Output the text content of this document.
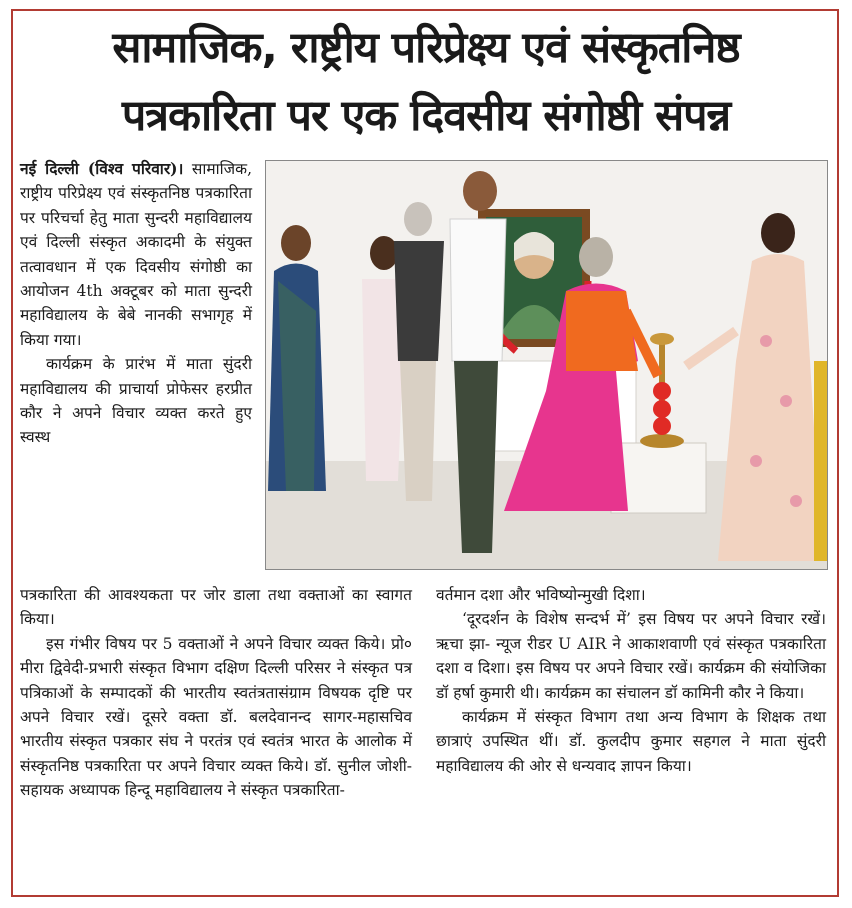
सामाजिक, राष्ट्रीय परिप्रेक्ष्य एवं संस्कृतनिष्ठ
पत्रकारिता पर एक दिवसीय संगोष्ठी संपन्न

नई दिल्ली (विश्व परिवार)। सामाजिक, राष्ट्रीय परिप्रेक्ष्य एवं संस्कृतनिष्ठ पत्रकारिता पर परिचर्चा हेतु माता सुन्दरी महाविद्यालय एवं दिल्ली संस्कृत अकादमी के संयुक्त तत्वावधान में एक दिवसीय संगोष्ठी का आयोजन 4th अक्टूबर को माता सुन्दरी महाविद्यालय के बेबे नानकी सभागृह में किया गया।

कार्यक्रम के प्रारंभ में माता सुंदरी महाविद्यालय की प्राचार्या प्रोफेसर हरप्रीत कौर ने अपने विचार व्यक्त करते हुए स्वस्थ

पत्रकारिता की आवश्यकता पर जोर डाला तथा वक्ताओं का स्वागत किया।

इस गंभीर विषय पर 5 वक्ताओं ने अपने विचार व्यक्त किये। प्रो० मीरा द्विवेदी-प्रभारी संस्कृत विभाग दक्षिण दिल्ली परिसर ने संस्कृत पत्र पत्रिकाओं के सम्पादकों की भारतीय स्वतंत्रतासंग्राम विषयक दृष्टि पर अपने विचार रखें। दूसरे वक्ता डॉ. बलदेवानन्द सागर-महासचिव भारतीय संस्कृत पत्रकार संघ ने परतंत्र एवं स्वतंत्र भारत के आलोक में संस्कृतनिष्ठ पत्रकारिता पर अपने विचार व्यक्त किये। डॉ. सुनील जोशी-सहायक अध्यापक हिन्दू महाविद्यालय ने संस्कृत पत्रकारिता-

वर्तमान दशा और भविष्योन्मुखी दिशा।

‘दूरदर्शन के विशेष सन्दर्भ में’ इस विषय पर अपने विचार रखें। ऋचा झा- न्यूज रीडर U AIR ने आकाशवाणी एवं संस्कृत पत्रकारिता दशा व दिशा। इस विषय पर अपने विचार रखें। कार्यक्रम की संयोजिका डॉ हर्षा कुमारी थी। कार्यक्रम का संचालन डॉ कामिनी कौर ने किया।

कार्यक्रम में संस्कृत विभाग तथा अन्य विभाग के शिक्षक तथा छात्राएं उपस्थित थीं। डॉ. कुलदीप कुमार सहगल ने माता सुंदरी महाविद्यालय की ओर से धन्यवाद ज्ञापन किया।
